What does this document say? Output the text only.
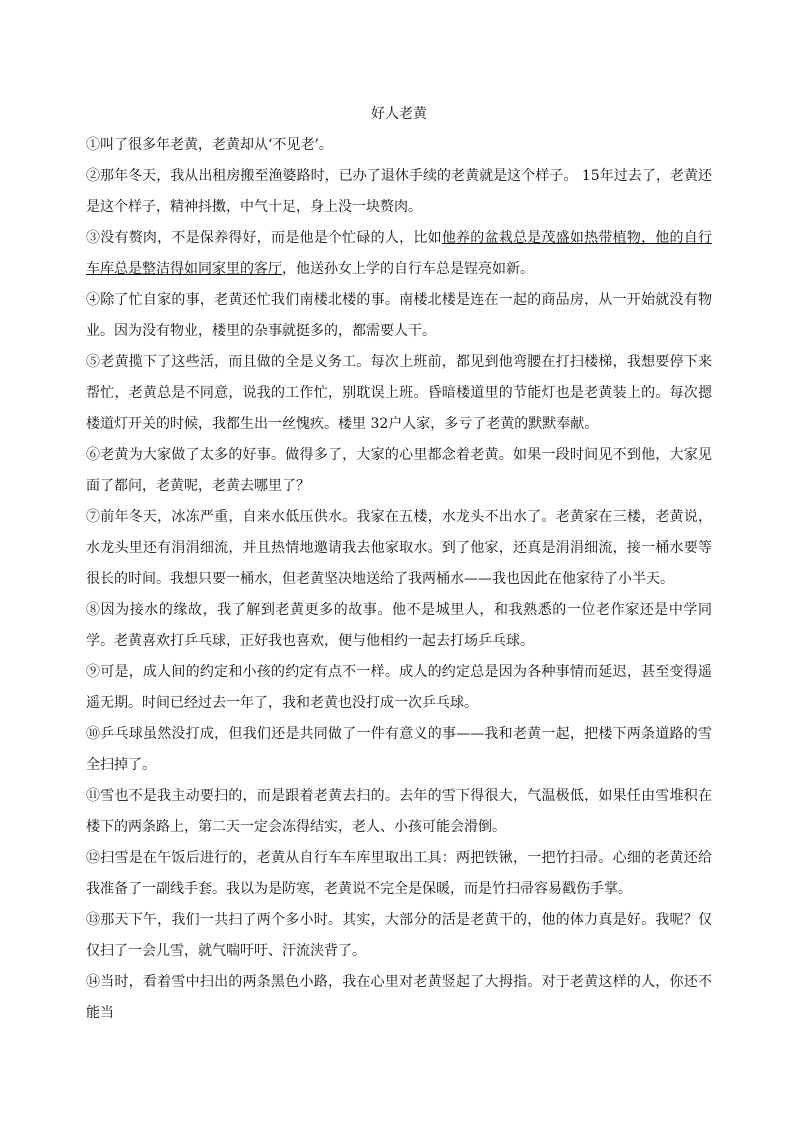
好人老黄

①叫了很多年老黄，老黄却从‘不见老’。

②那年冬天，我从出租房搬至渔婆路时，已办了退休手续的老黄就是这个样子。 15年过去了，老黄还是这个样子，精神抖擞，中气十足，身上没一块赘肉。

③没有赘肉，不是保养得好，而是他是个忙碌的人，比如他养的盆栽总是茂盛如热带植物，他的自行车库总是整洁得如同家里的客厅，他送孙女上学的自行车总是锃亮如新。

④除了忙自家的事，老黄还忙我们南楼北楼的事。南楼北楼是连在一起的商品房，从一开始就没有物业。因为没有物业，楼里的杂事就挺多的，都需要人干。

⑤老黄揽下了这些活，而且做的全是义务工。每次上班前，都见到他弯腰在打扫楼梯，我想要停下来帮忙，老黄总是不同意，说我的工作忙，别耽误上班。昏暗楼道里的节能灯也是老黄装上的。每次摁楼道灯开关的时候，我都生出一丝愧疚。楼里 32户人家，多亏了老黄的默默奉献。

⑥老黄为大家做了太多的好事。做得多了，大家的心里都念着老黄。如果一段时间见不到他，大家见面了都问，老黄呢，老黄去哪里了？

⑦前年冬天，冰冻严重，自来水低压供水。我家在五楼，水龙头不出水了。老黄家在三楼，老黄说，水龙头里还有涓涓细流，并且热情地邀请我去他家取水。到了他家，还真是涓涓细流，接一桶水要等很长的时间。我想只要一桶水，但老黄坚决地送给了我两桶水——我也因此在他家待了小半天。

⑧因为接水的缘故，我了解到老黄更多的故事。他不是城里人，和我熟悉的一位老作家还是中学同学。老黄喜欢打乒乓球，正好我也喜欢，便与他相约一起去打场乒乓球。

⑨可是，成人间的约定和小孩的约定有点不一样。成人的约定总是因为各种事情而延迟，甚至变得遥遥无期。时间已经过去一年了，我和老黄也没打成一次乒乓球。

⑩乒乓球虽然没打成，但我们还是共同做了一件有意义的事——我和老黄一起，把楼下两条道路的雪全扫掉了。

⑪雪也不是我主动要扫的，而是跟着老黄去扫的。去年的雪下得很大，气温极低，如果任由雪堆积在楼下的两条路上，第二天一定会冻得结实，老人、小孩可能会滑倒。

⑫扫雪是在午饭后进行的，老黄从自行车车库里取出工具：两把铁锹，一把竹扫帚。心细的老黄还给我准备了一副线手套。我以为是防寒，老黄说不完全是保暖，而是竹扫帚容易戳伤手掌。

⑬那天下午，我们一共扫了两个多小时。其实，大部分的活是老黄干的，他的体力真是好。我呢？仅仅扫了一会儿雪，就气喘吁吁、汗流浃背了。

⑭当时，看着雪中扫出的两条黑色小路，我在心里对老黄竖起了大拇指。对于老黄这样的人，你还不能当
